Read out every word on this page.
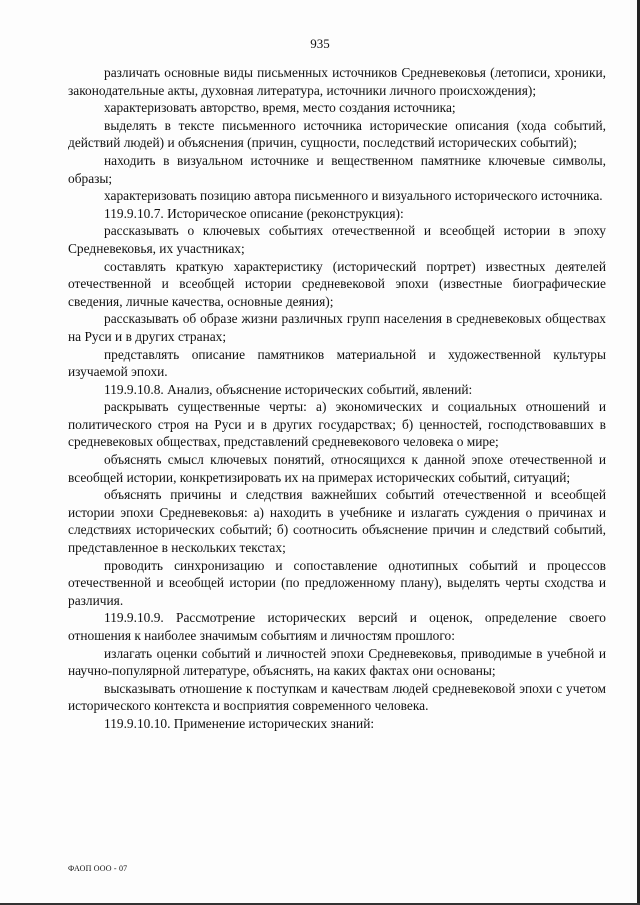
935

различать основные виды письменных источников Средневековья (летописи, хроники, законодательные акты, духовная литература, источники личного происхождения);

характеризовать авторство, время, место создания источника;

выделять в тексте письменного источника исторические описания (хода событий, действий людей) и объяснения (причин, сущности, последствий исторических событий);

находить в визуальном источнике и вещественном памятнике ключевые символы, образы;

характеризовать позицию автора письменного и визуального исторического источника.

119.9.10.7. Историческое описание (реконструкция):

рассказывать о ключевых событиях отечественной и всеобщей истории в эпоху Средневековья, их участниках;

составлять краткую характеристику (исторический портрет) известных деятелей отечественной и всеобщей истории средневековой эпохи (известные биографические сведения, личные качества, основные деяния);

рассказывать об образе жизни различных групп населения в средневековых обществах на Руси и в других странах;

представлять описание памятников материальной и художественной культуры изучаемой эпохи.

119.9.10.8. Анализ, объяснение исторических событий, явлений:

раскрывать существенные черты: а) экономических и социальных отношений и политического строя на Руси и в других государствах; б) ценностей, господствовавших в средневековых обществах, представлений средневекового человека о мире;

объяснять смысл ключевых понятий, относящихся к данной эпохе отечественной и всеобщей истории, конкретизировать их на примерах исторических событий, ситуаций;

объяснять причины и следствия важнейших событий отечественной и всеобщей истории эпохи Средневековья: а) находить в учебнике и излагать суждения о причинах и следствиях исторических событий; б) соотносить объяснение причин и следствий событий, представленное в нескольких текстах;

проводить синхронизацию и сопоставление однотипных событий и процессов отечественной и всеобщей истории (по предложенному плану), выделять черты сходства и различия.

119.9.10.9. Рассмотрение исторических версий и оценок, определение своего отношения к наиболее значимым событиям и личностям прошлого:

излагать оценки событий и личностей эпохи Средневековья, приводимые в учебной и научно-популярной литературе, объяснять, на каких фактах они основаны;

высказывать отношение к поступкам и качествам людей средневековой эпохи с учетом исторического контекста и восприятия современного человека.

119.9.10.10. Применение исторических знаний:

ФАОП ООО - 07
